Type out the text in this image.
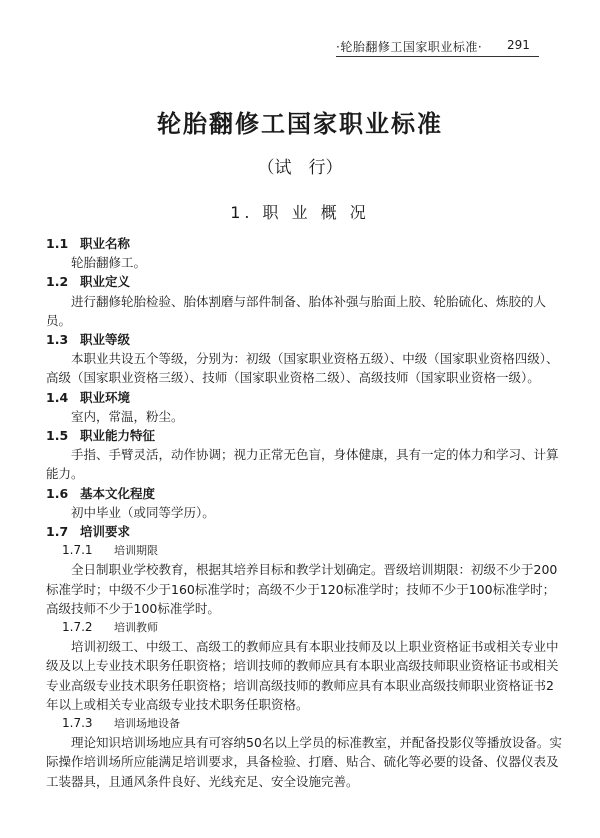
·轮胎翻修工国家职业标准· 291
轮胎翻修工国家职业标准
（试　行）
1. 职 业 概 况
1.1 职业名称
轮胎翻修工。
1.2 职业定义
进行翻修轮胎检验、胎体割磨与部件制备、胎体补强与胎面上胶、轮胎硫化、炼胶的人员。
1.3 职业等级
本职业共设五个等级，分别为：初级（国家职业资格五级）、中级（国家职业资格四级）、高级（国家职业资格三级）、技师（国家职业资格二级）、高级技师（国家职业资格一级）。
1.4 职业环境
室内，常温，粉尘。
1.5 职业能力特征
手指、手臂灵活，动作协调；视力正常无色盲，身体健康，具有一定的体力和学习、计算能力。
1.6 基本文化程度
初中毕业（或同等学历）。
1.7 培训要求
1.7.1 培训期限
全日制职业学校教育，根据其培养目标和教学计划确定。晋级培训期限：初级不少于200标准学时；中级不少于160标准学时；高级不少于120标准学时；技师不少于100标准学时；高级技师不少于100标准学时。
1.7.2 培训教师
培训初级工、中级工、高级工的教师应具有本职业技师及以上职业资格证书或相关专业中级及以上专业技术职务任职资格；培训技师的教师应具有本职业高级技师职业资格证书或相关专业高级专业技术职务任职资格；培训高级技师的教师应具有本职业高级技师职业资格证书2年以上或相关专业高级专业技术职务任职资格。
1.7.3 培训场地设备
理论知识培训场地应具有可容纳50名以上学员的标准教室，并配备投影仪等播放设备。实际操作培训场所应能满足培训要求，具备检验、打磨、贴合、硫化等必要的设备、仪器仪表及工装器具，且通风条件良好、光线充足、安全设施完善。
